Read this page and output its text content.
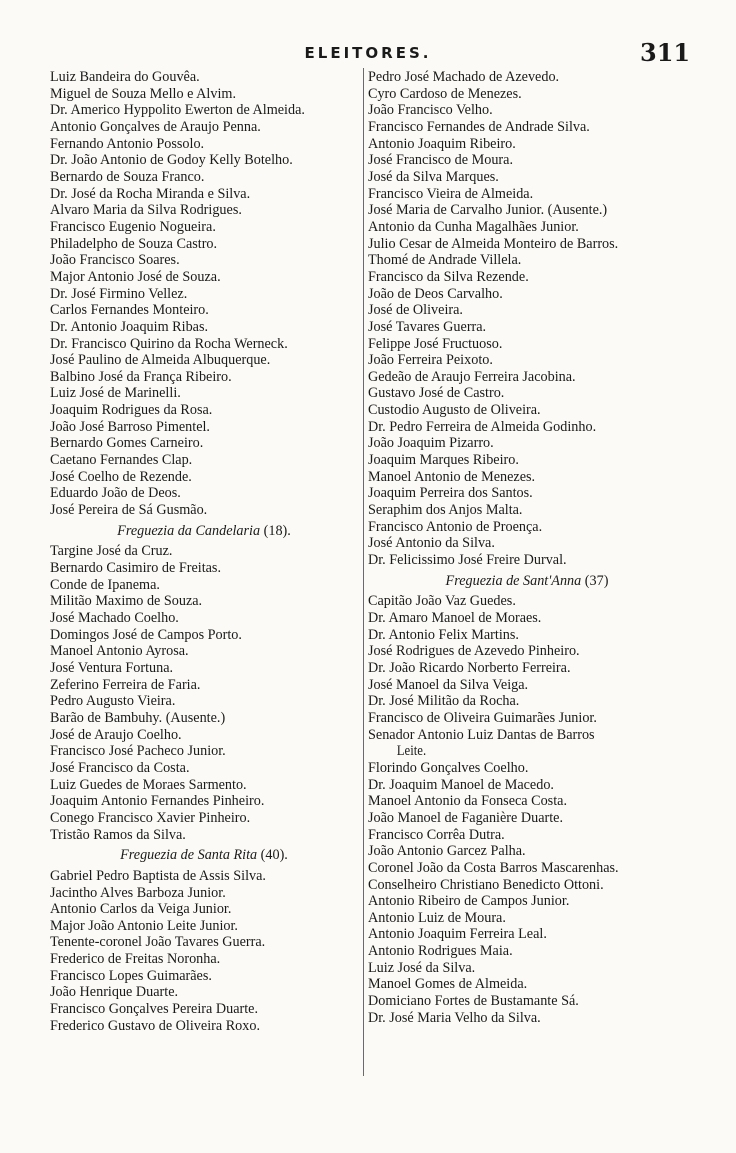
ELEITORES.	311
Luiz Bandeira do Gouvêa.
Miguel de Souza Mello e Alvim.
Dr. Americo Hyppolito Ewerton de Almeida.
Antonio Gonçalves de Araujo Penna.
Fernando Antonio Possolo.
Dr. João Antonio de Godoy Kelly Botelho.
Bernardo de Souza Franco.
Dr. José da Rocha Miranda e Silva.
Alvaro Maria da Silva Rodrigues.
Francisco Eugenio Nogueira.
Philadelpho de Souza Castro.
João Francisco Soares.
Major Antonio José de Souza.
Dr. José Firmino Vellez.
Carlos Fernandes Monteiro.
Dr. Antonio Joaquim Ribas.
Dr. Francisco Quirino da Rocha Werneck.
José Paulino de Almeida Albuquerque.
Balbino José da França Ribeiro.
Luiz José de Marinelli.
Joaquim Rodrigues da Rosa.
João José Barroso Pimentel.
Bernardo Gomes Carneiro.
Caetano Fernandes Clap.
José Coelho de Rezende.
Eduardo João de Deos.
José Pereira de Sá Gusmão.
Freguezia da Candelaria (18).
Targine José da Cruz.
Bernardo Casimiro de Freitas.
Conde de Ipanema.
Militão Maximo de Souza.
José Machado Coelho.
Domingos José de Campos Porto.
Manoel Antonio Ayrosa.
José Ventura Fortuna.
Zeferino Ferreira de Faria.
Pedro Augusto Vieira.
Barão de Bambuhy. (Ausente.)
José de Araujo Coelho.
Francisco José Pacheco Junior.
José Francisco da Costa.
Luiz Guedes de Moraes Sarmento.
Joaquim Antonio Fernandes Pinheiro.
Conego Francisco Xavier Pinheiro.
Tristão Ramos da Silva.
Freguezia de Santa Rita (40).
Gabriel Pedro Baptista de Assis Silva.
Jacintho Alves Barboza Junior.
Antonio Carlos da Veiga Junior.
Major João Antonio Leite Junior.
Tenente-coronel João Tavares Guerra.
Frederico de Freitas Noronha.
Francisco Lopes Guimarães.
João Henrique Duarte.
Francisco Gonçalves Pereira Duarte.
Frederico Gustavo de Oliveira Roxo.
Pedro José Machado de Azevedo.
Cyro Cardoso de Menezes.
João Francisco Velho.
Francisco Fernandes de Andrade Silva.
Antonio Joaquim Ribeiro.
José Francisco de Moura.
José da Silva Marques.
Francisco Vieira de Almeida.
José Maria de Carvalho Junior. (Ausente.)
Antonio da Cunha Magalhães Junior.
Julio Cesar de Almeida Monteiro de Barros.
Thomé de Andrade Villela.
Francisco da Silva Rezende.
João de Deos Carvalho.
José de Oliveira.
José Tavares Guerra.
Felippe José Fructuoso.
João Ferreira Peixoto.
Gedeão de Araujo Ferreira Jacobina.
Gustavo José de Castro.
Custodio Augusto de Oliveira.
Dr. Pedro Ferreira de Almeida Godinho.
João Joaquim Pizarro.
Joaquim Marques Ribeiro.
Manoel Antonio de Menezes.
Joaquim Perreira dos Santos.
Seraphim dos Anjos Malta.
Francisco Antonio de Proença.
José Antonio da Silva.
Dr. Felicissimo José Freire Durval.
Freguezia de Sant'Anna (37)
Capitão João Vaz Guedes.
Dr. Amaro Manoel de Moraes.
Dr. Antonio Felix Martins.
José Rodrigues de Azevedo Pinheiro.
Dr. João Ricardo Norberto Ferreira.
José Manoel da Silva Veiga.
Dr. José Militão da Rocha.
Francisco de Oliveira Guimarães Junior.
Senador Antonio Luiz Dantas de Barros
Leite.
Florindo Gonçalves Coelho.
Dr. Joaquim Manoel de Macedo.
Manoel Antonio da Fonseca Costa.
João Manoel de Faganière Duarte.
Francisco Corrêa Dutra.
João Antonio Garcez Palha.
Coronel João da Costa Barros Mascarenhas.
Conselheiro Christiano Benedicto Ottoni.
Antonio Ribeiro de Campos Junior.
Antonio Luiz de Moura.
Antonio Joaquim Ferreira Leal.
Antonio Rodrigues Maia.
Luiz José da Silva.
Manoel Gomes de Almeida.
Domiciano Fortes de Bustamante Sá.
Dr. José Maria Velho da Silva.
